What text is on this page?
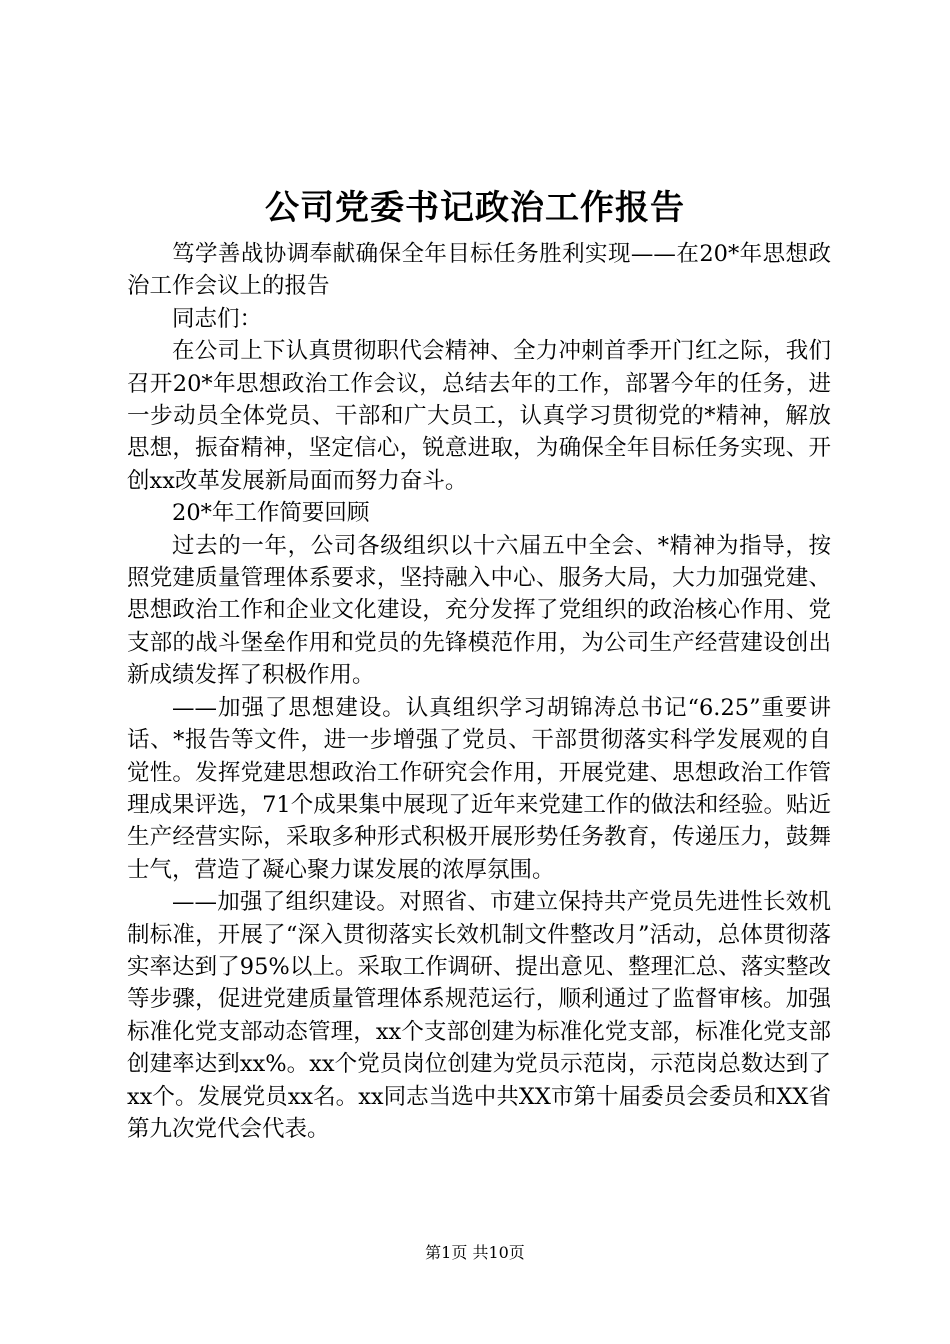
公司党委书记政治工作报告

笃学善战协调奉献确保全年目标任务胜利实现——在20*年思想政治工作会议上的报告

同志们：

在公司上下认真贯彻职代会精神、全力冲刺首季开门红之际，我们召开20*年思想政治工作会议，总结去年的工作，部署今年的任务，进一步动员全体党员、干部和广大员工，认真学习贯彻党的*精神，解放思想，振奋精神，坚定信心，锐意进取，为确保全年目标任务实现、开创xx改革发展新局面而努力奋斗。

20*年工作简要回顾

过去的一年，公司各级组织以十六届五中全会、*精神为指导，按照党建质量管理体系要求，坚持融入中心、服务大局，大力加强党建、思想政治工作和企业文化建设，充分发挥了党组织的政治核心作用、党支部的战斗堡垒作用和党员的先锋模范作用，为公司生产经营建设创出新成绩发挥了积极作用。

——加强了思想建设。认真组织学习胡锦涛总书记“6.25”重要讲话、*报告等文件，进一步增强了党员、干部贯彻落实科学发展观的自觉性。发挥党建思想政治工作研究会作用，开展党建、思想政治工作管理成果评选，71个成果集中展现了近年来党建工作的做法和经验。贴近生产经营实际，采取多种形式积极开展形势任务教育，传递压力，鼓舞士气，营造了凝心聚力谋发展的浓厚氛围。

——加强了组织建设。对照省、市建立保持共产党员先进性长效机制标准，开展了“深入贯彻落实长效机制文件整改月”活动，总体贯彻落实率达到了95%以上。采取工作调研、提出意见、整理汇总、落实整改等步骤，促进党建质量管理体系规范运行，顺利通过了监督审核。加强标准化党支部动态管理，xx个支部创建为标准化党支部，标准化党支部创建率达到xx%。xx个党员岗位创建为党员示范岗，示范岗总数达到了xx个。发展党员xx名。xx同志当选中共XX市第十届委员会委员和XX省第九次党代会代表。

第1页 共10页
